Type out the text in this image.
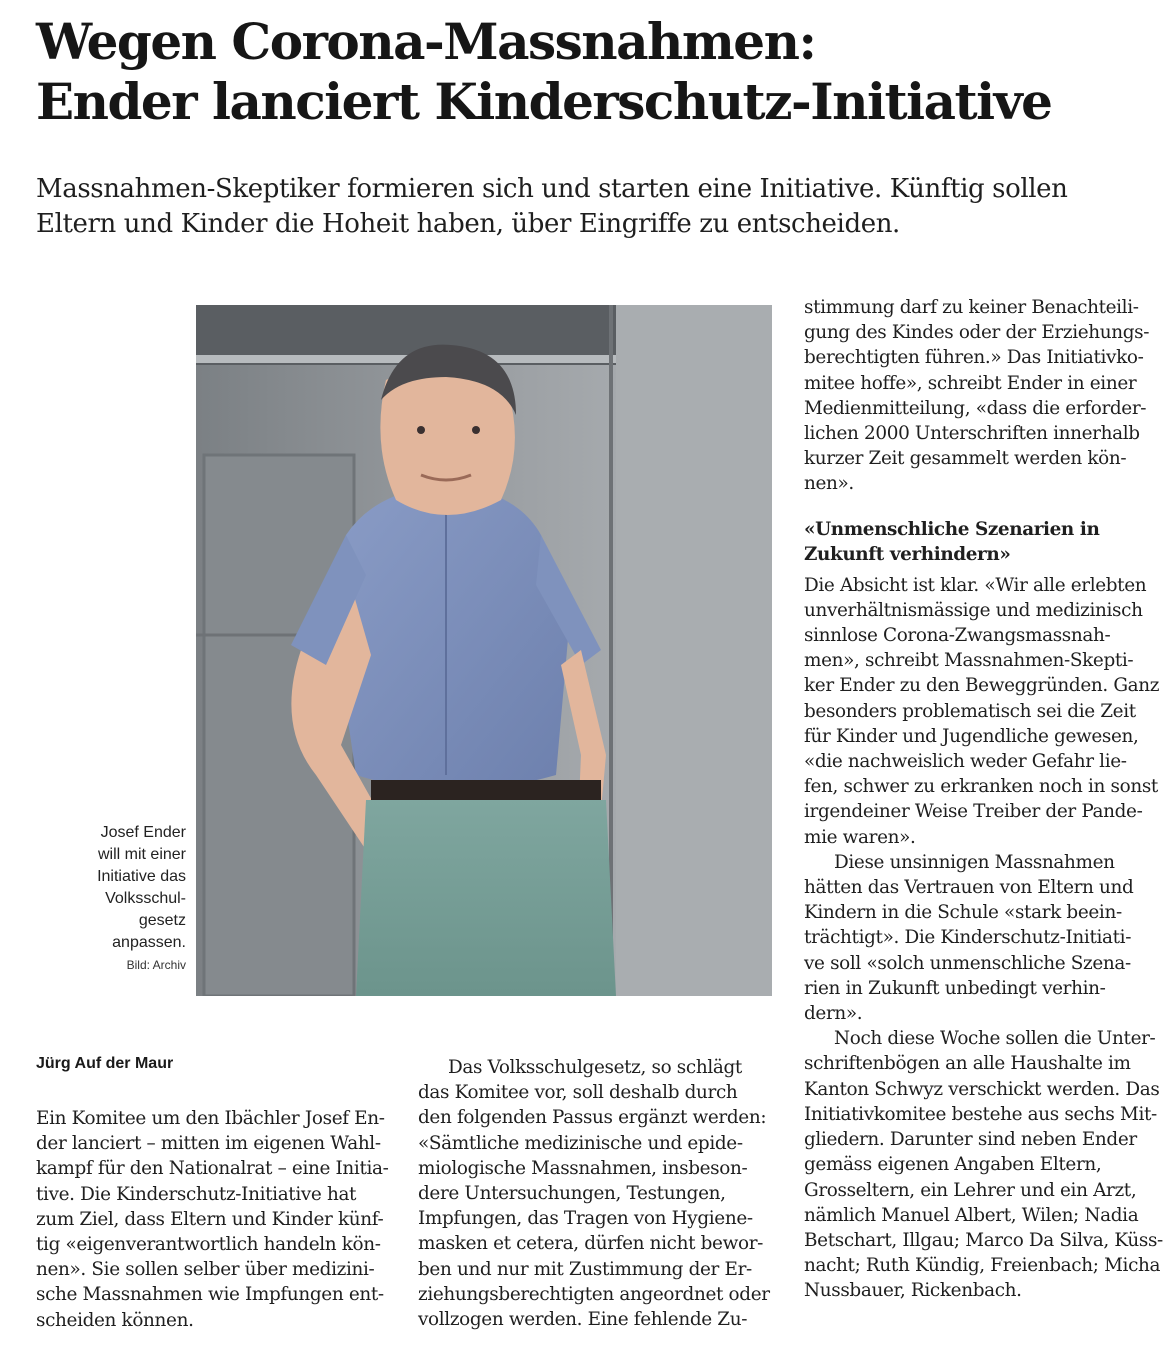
Wegen Corona-Massnahmen:
Ender lanciert Kinderschutz-Initiative
Massnahmen-Skeptiker formieren sich und starten eine Initiative. Künftig sollen
Eltern und Kinder die Hoheit haben, über Eingriffe zu entscheiden.
Josef Ender
will mit einer
Initiative das
Volksschul-
gesetz
anpassen.
Bild: Archiv
Jürg Auf der Maur

Ein Komitee um den Ibächler Josef En-
der lanciert – mitten im eigenen Wahl-
kampf für den Nationalrat – eine Initia-
tive. Die Kinderschutz-Initiative hat
zum Ziel, dass Eltern und Kinder künf-
tig «eigenverantwortlich handeln kön-
nen». Sie sollen selber über medizini-
sche Massnahmen wie Impfungen ent-
scheiden können.

Das Volksschulgesetz, so schlägt
das Komitee vor, soll deshalb durch
den folgenden Passus ergänzt werden:
«Sämtliche medizinische und epide-
miologische Massnahmen, insbeson-
dere Untersuchungen, Testungen,
Impfungen, das Tragen von Hygiene-
masken et cetera, dürfen nicht bewor-
ben und nur mit Zustimmung der Er-
ziehungsberechtigten angeordnet oder
vollzogen werden. Eine fehlende Zu-

stimmung darf zu keiner Benachteili-
gung des Kindes oder der Erziehungs-
berechtigten führen.» Das Initiativko-
mitee hoffe», schreibt Ender in einer
Medienmitteilung, «dass die erforder-
lichen 2000 Unterschriften innerhalb
kurzer Zeit gesammelt werden kön-
nen».

«Unmenschliche Szenarien in
Zukunft verhindern»

Die Absicht ist klar. «Wir alle erlebten
unverhältnismässige und medizinisch
sinnlose Corona-Zwangsmassnah-
men», schreibt Massnahmen-Skepti-
ker Ender zu den Beweggründen. Ganz
besonders problematisch sei die Zeit
für Kinder und Jugendliche gewesen,
«die nachweislich weder Gefahr lie-
fen, schwer zu erkranken noch in sonst
irgendeiner Weise Treiber der Pande-
mie waren».

Diese unsinnigen Massnahmen
hätten das Vertrauen von Eltern und
Kindern in die Schule «stark beein-
trächtigt». Die Kinderschutz-Initiati-
ve soll «solch unmenschliche Szena-
rien in Zukunft unbedingt verhin-
dern».

Noch diese Woche sollen die Unter-
schriftenbögen an alle Haushalte im
Kanton Schwyz verschickt werden. Das
Initiativkomitee bestehe aus sechs Mit-
gliedern. Darunter sind neben Ender
gemäss eigenen Angaben Eltern,
Grosseltern, ein Lehrer und ein Arzt,
nämlich Manuel Albert, Wilen; Nadia
Betschart, Illgau; Marco Da Silva, Küss-
nacht; Ruth Kündig, Freienbach; Micha
Nussbauer, Rickenbach.
